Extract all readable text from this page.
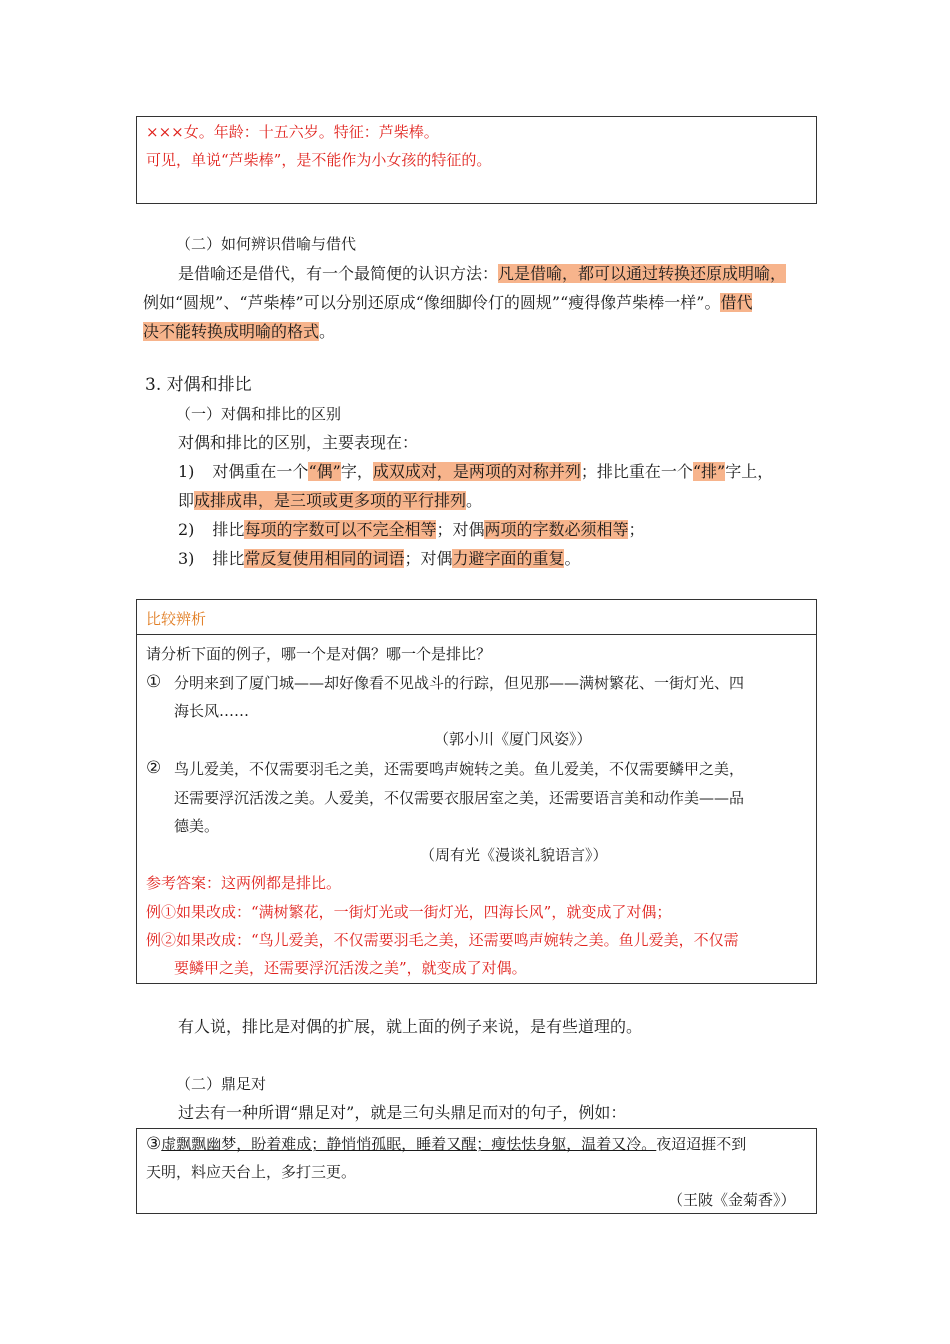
×××女。年龄：十五六岁。特征：芦柴棒。
可见，单说“芦柴棒”，是不能作为小女孩的特征的。
（二）如何辨识借喻与借代
是借喻还是借代，有一个最简便的认识方法：凡是借喻，都可以通过转换还原成明喻，
例如“圆规”、“芦柴棒”可以分别还原成“像细脚伶仃的圆规”“瘦得像芦柴棒一样”。借代
决不能转换成明喻的格式。
3. 对偶和排比
（一）对偶和排比的区别
对偶和排比的区别，主要表现在：
1) 对偶重在一个“偶”字，成双成对，是两项的对称并列；排比重在一个“排”字上，
即成排成串，是三项或更多项的平行排列。
2) 排比每项的字数可以不完全相等；对偶两项的字数必须相等；
3) 排比常反复使用相同的词语；对偶力避字面的重复。
比较辨析
请分析下面的例子，哪一个是对偶？哪一个是排比？
① 分明来到了厦门城——却好像看不见战斗的行踪，但见那——满树繁花、一街灯光、四
海长风……
（郭小川《厦门风姿》）
② 鸟儿爱美，不仅需要羽毛之美，还需要鸣声婉转之美。鱼儿爱美，不仅需要鳞甲之美，
还需要浮沉活泼之美。人爱美，不仅需要衣服居室之美，还需要语言美和动作美——品
德美。
（周有光《漫谈礼貌语言》）
参考答案：这两例都是排比。
例①如果改成：“满树繁花，一街灯光或一街灯光，四海长风”，就变成了对偶；
例②如果改成：“鸟儿爱美，不仅需要羽毛之美，还需要鸣声婉转之美。鱼儿爱美，不仅需
要鳞甲之美，还需要浮沉活泼之美”，就变成了对偶。
有人说，排比是对偶的扩展，就上面的例子来说，是有些道理的。
（二）鼎足对
过去有一种所谓“鼎足对”，就是三句头鼎足而对的句子，例如：
③虚飘飘幽梦，盼着难成；静悄悄孤眠，睡着又醒；瘦怯怯身躯，温着又冷。夜迢迢捱不到
天明，料应天台上，多打三更。
（王陂《金菊香》）
